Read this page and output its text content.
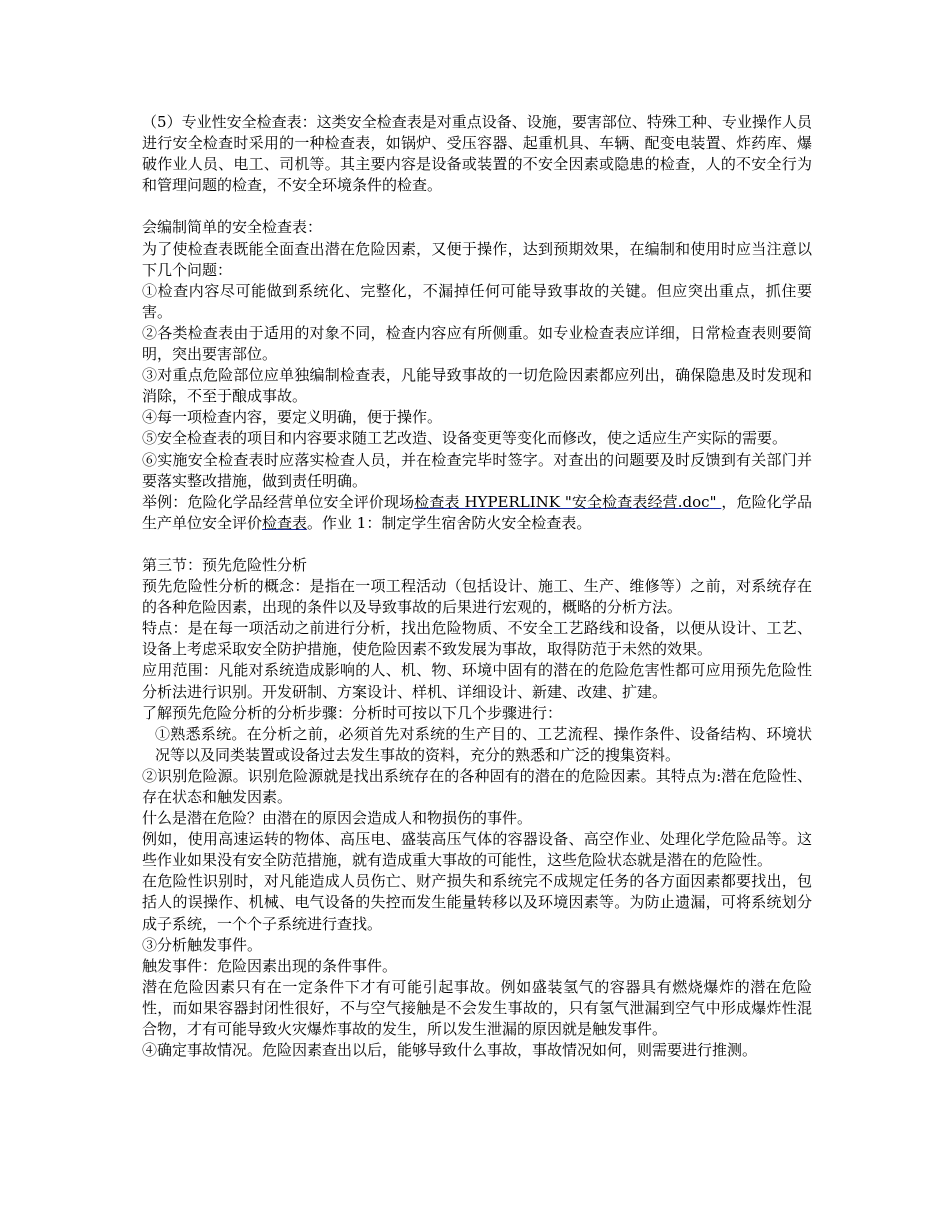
（5）专业性安全检查表：这类安全检查表是对重点设备、设施，要害部位、特殊工种、专业操作人员进行安全检查时采用的一种检查表，如锅炉、受压容器、起重机具、车辆、配变电装置、炸药库、爆破作业人员、电工、司机等。其主要内容是设备或装置的不安全因素或隐患的检查，人的不安全行为和管理问题的检查，不安全环境条件的检查。

会编制简单的安全检查表：

为了使检查表既能全面查出潜在危险因素，又便于操作，达到预期效果，在编制和使用时应当注意以下几个问题：

①检查内容尽可能做到系统化、完整化，不漏掉任何可能导致事故的关键。但应突出重点，抓住要害。

②各类检查表由于适用的对象不同，检查内容应有所侧重。如专业检查表应详细，日常检查表则要简明，突出要害部位。

③对重点危险部位应单独编制检查表，凡能导致事故的一切危险因素都应列出，确保隐患及时发现和消除，不至于酿成事故。

④每一项检查内容，要定义明确，便于操作。

⑤安全检查表的项目和内容要求随工艺改造、设备变更等变化而修改，使之适应生产实际的需要。

⑥实施安全检查表时应落实检查人员，并在检查完毕时签字。对查出的问题要及时反馈到有关部门并要落实整改措施，做到责任明确。

举例：危险化学品经营单位安全评价现场检查表 HYPERLINK "安全检查表经营.doc" ，危险化学品生产单位安全评价检查表。作业 1：制定学生宿舍防火安全检查表。

第三节：预先危险性分析

预先危险性分析的概念：是指在一项工程活动（包括设计、施工、生产、维修等）之前，对系统存在的各种危险因素，出现的条件以及导致事故的后果进行宏观的，概略的分析方法。

特点：是在每一项活动之前进行分析，找出危险物质、不安全工艺路线和设备，以便从设计、工艺、设备上考虑采取安全防护措施，使危险因素不致发展为事故，取得防范于未然的效果。

应用范围：凡能对系统造成影响的人、机、物、环境中固有的潜在的危险危害性都可应用预先危险性分析法进行识别。开发研制、方案设计、样机、详细设计、新建、改建、扩建。

了解预先危险分析的分析步骤：分析时可按以下几个步骤进行：

①熟悉系统。在分析之前，必须首先对系统的生产目的、工艺流程、操作条件、设备结构、环境状况等以及同类装置或设备过去发生事故的资料，充分的熟悉和广泛的搜集资料。

②识别危险源。识别危险源就是找出系统存在的各种固有的潜在的危险因素。其特点为:潜在危险性、存在状态和触发因素。

什么是潜在危险？由潜在的原因会造成人和物损伤的事件。

例如，使用高速运转的物体、高压电、盛装高压气体的容器设备、高空作业、处理化学危险品等。这些作业如果没有安全防范措施，就有造成重大事故的可能性，这些危险状态就是潜在的危险性。

在危险性识别时，对凡能造成人员伤亡、财产损失和系统完不成规定任务的各方面因素都要找出，包括人的误操作、机械、电气设备的失控而发生能量转移以及环境因素等。为防止遗漏，可将系统划分成子系统，一个个子系统进行查找。

③分析触发事件。

触发事件：危险因素出现的条件事件。

潜在危险因素只有在一定条件下才有可能引起事故。例如盛装氢气的容器具有燃烧爆炸的潜在危险性，而如果容器封闭性很好，不与空气接触是不会发生事故的，只有氢气泄漏到空气中形成爆炸性混合物，才有可能导致火灾爆炸事故的发生，所以发生泄漏的原因就是触发事件。

④确定事故情况。危险因素查出以后，能够导致什么事故，事故情况如何，则需要进行推测。
